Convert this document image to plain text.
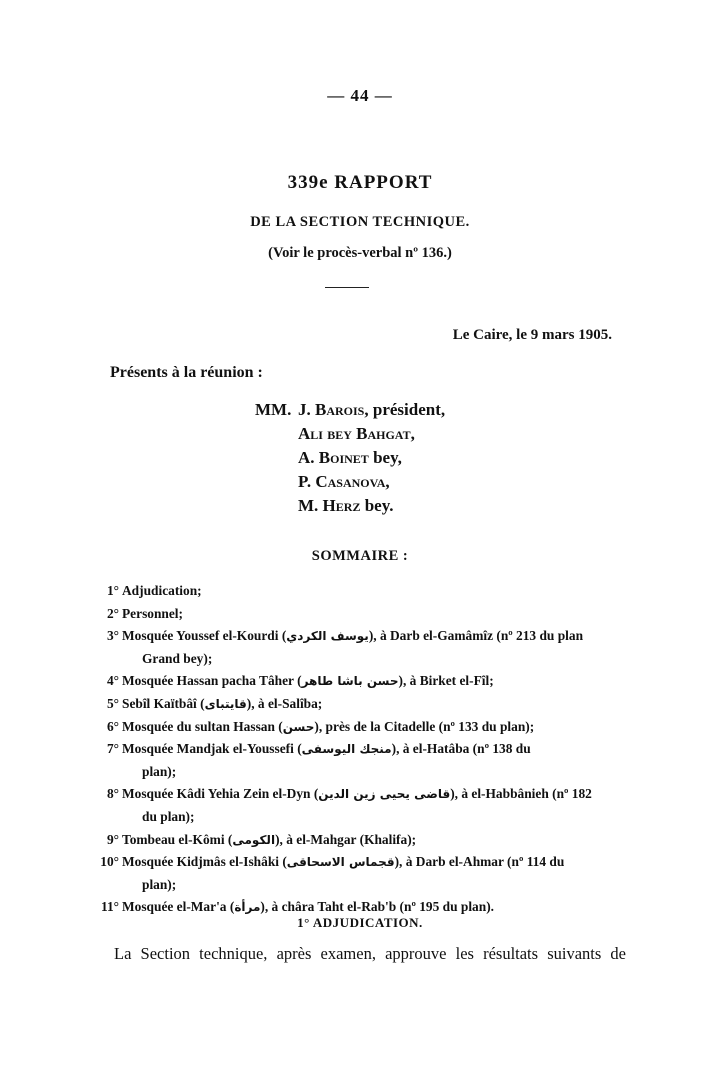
— 44 —
339e RAPPORT
DE LA SECTION TECHNIQUE.
(Voir le procès-verbal nº 136.)
Le Caire, le 9 mars 1905.
Présents à la réunion :
MM. J. Barois, président,
Ali bey Bahgat,
A. Boinet bey,
P. Casanova,
M. Herz bey.
SOMMAIRE :
1° Adjudication;
2° Personnel;
3° Mosquée Youssef el-Kourdi (يوسف الكردي), à Darb el-Gamâmîz (nº 213 du plan
Grand bey);
4° Mosquée Hassan pacha Tâher (حسن باشا طاهر), à Birket el-Fîl;
5° Sebîl Kaïtbâî (قايتباى), à el-Salîba;
6° Mosquée du sultan Hassan (حسن), près de la Citadelle (nº 133 du plan);
7° Mosquée Mandjak el-Youssefi (منجك اليوسفى), à el-Hatâba (nº 138 du
plan);
8° Mosquée Kâdi Yehia Zein el-Dyn (قاضى يحيى زين الدين), à el-Habbânieh (nº 182
du plan);
9° Tombeau el-Kômi (الكومى), à el-Mahgar (Khalifa);
10° Mosquée Kidjmâs el-Ishâki (قجماس الاسحاقى), à Darb el-Ahmar (nº 114 du
plan);
11° Mosquée el-Mar'a (مرأة), à châra Taht el-Rab'b (nº 195 du plan).
1° ADJUDICATION.
La Section technique, après examen, approuve les résultats suivants de
